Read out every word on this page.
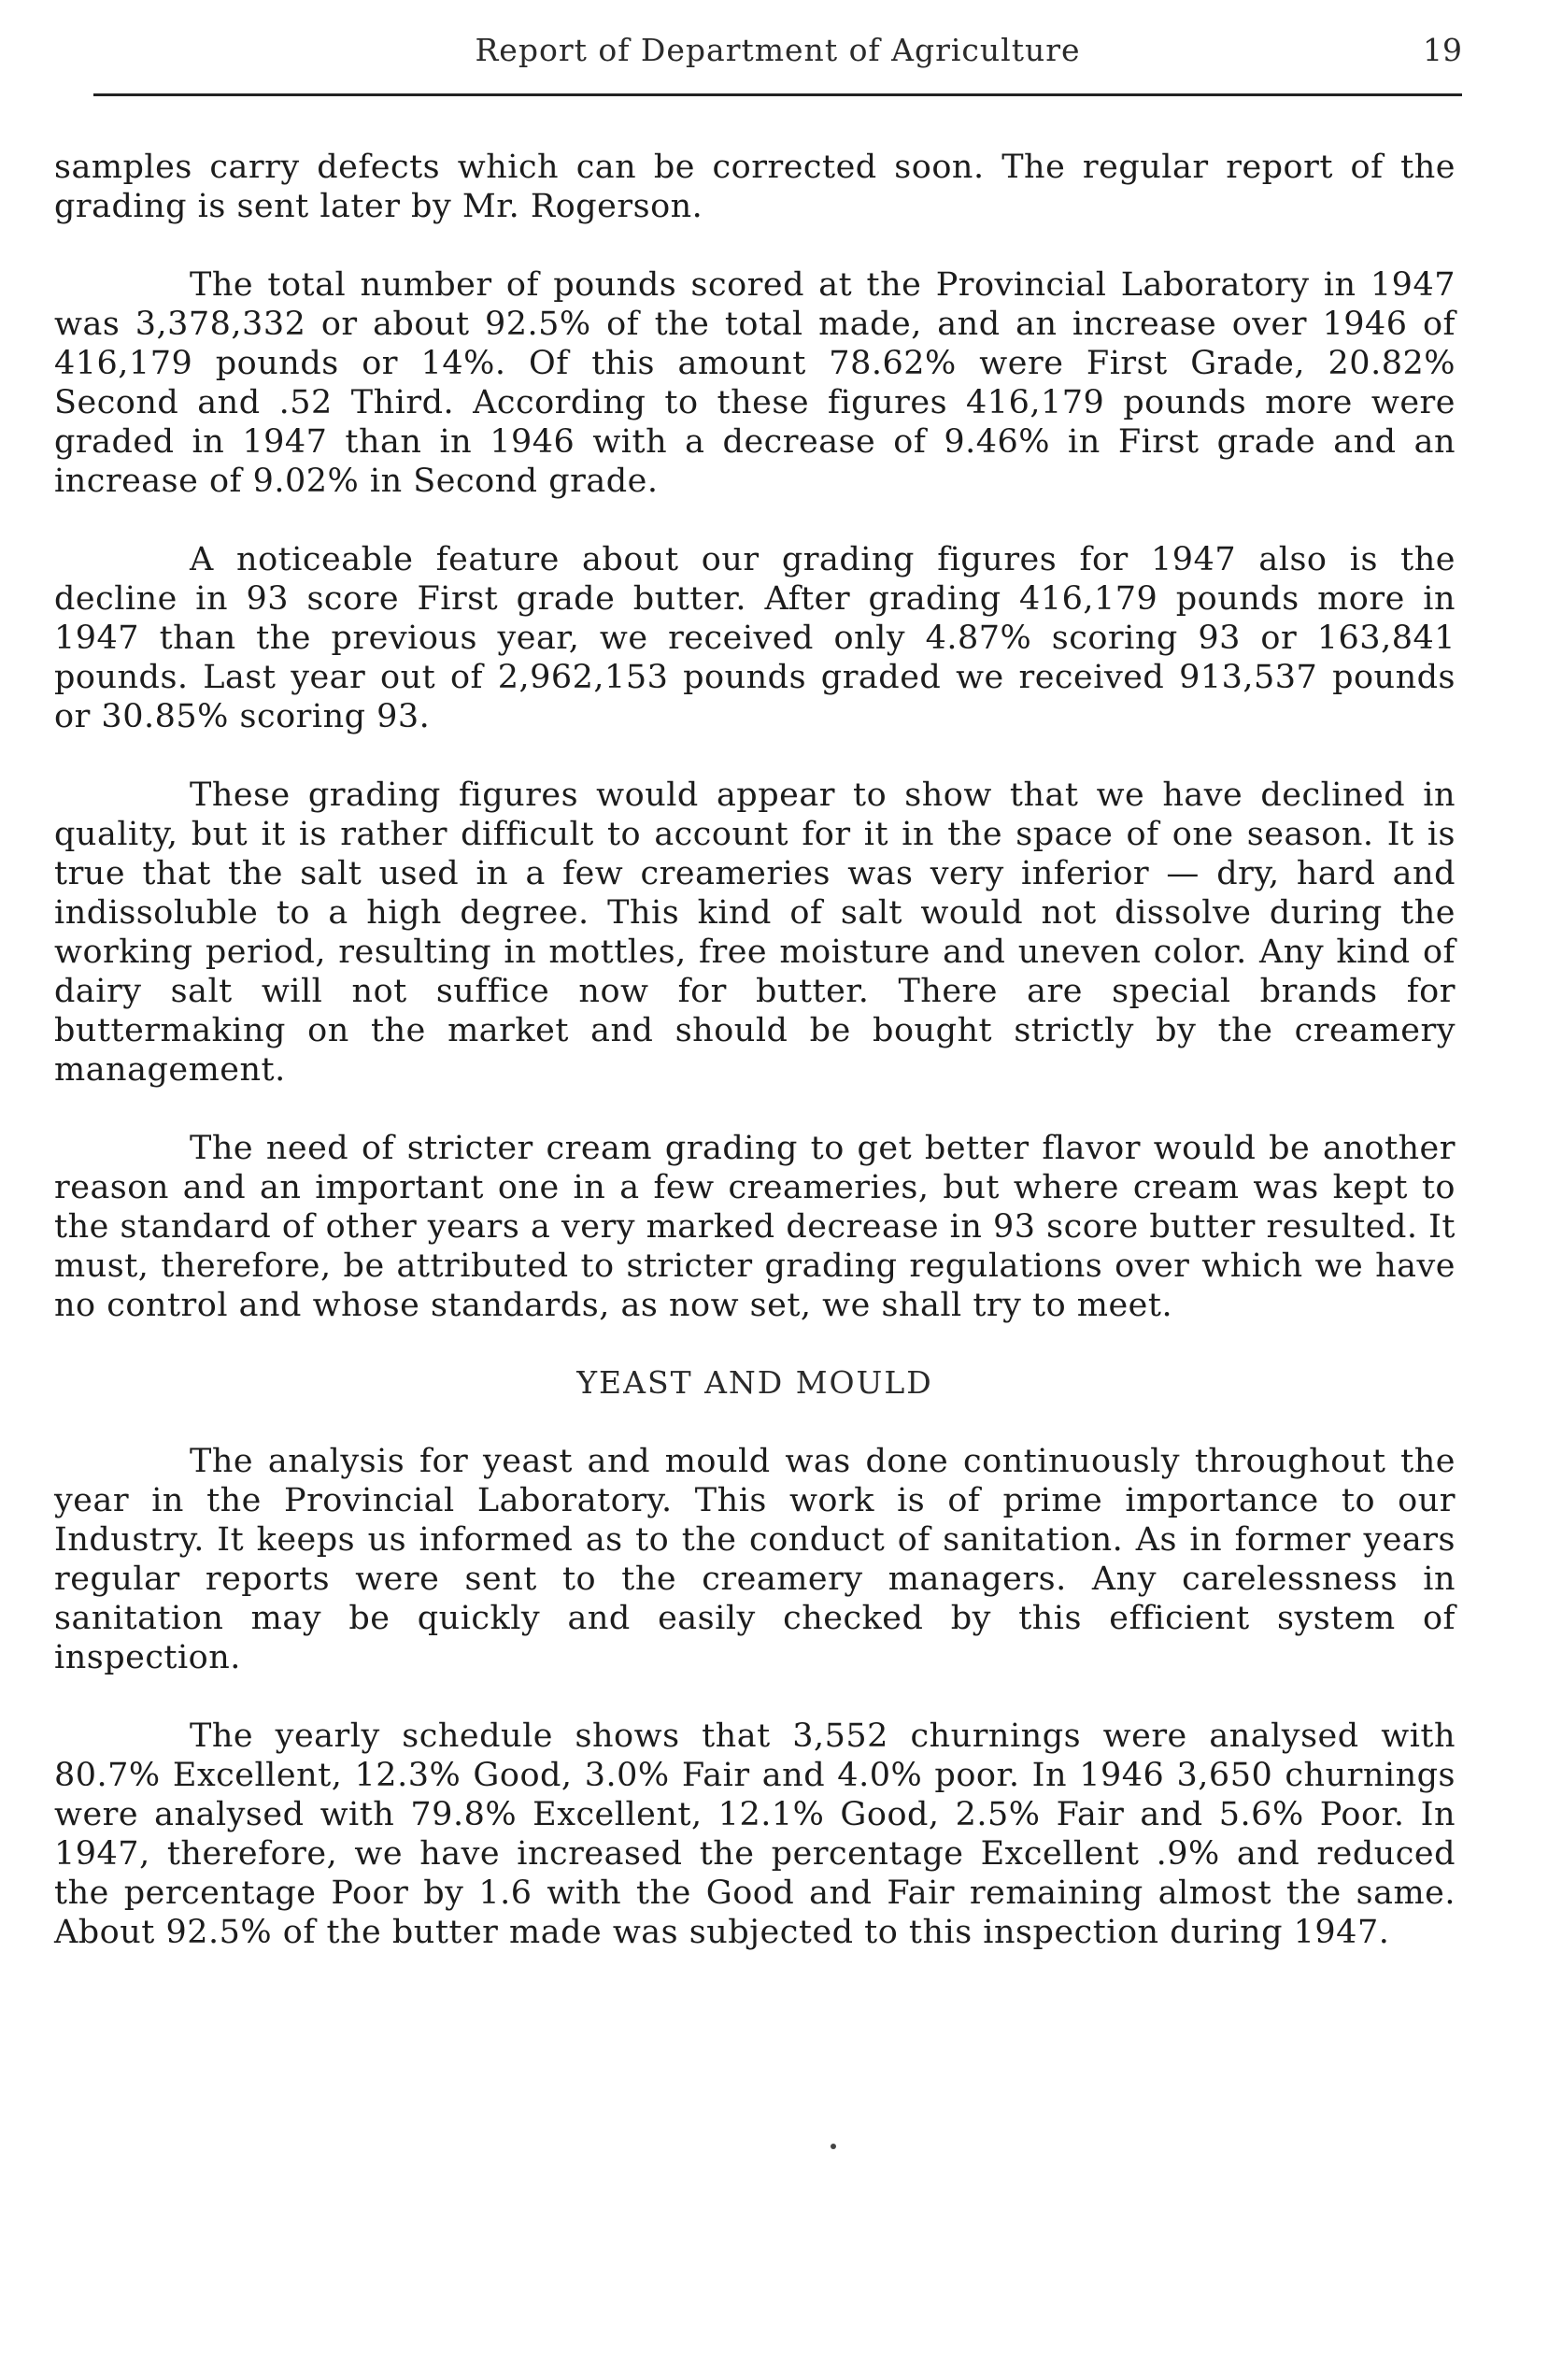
Report of Department of Agriculture	19

samples carry defects which can be corrected soon. The regular report of the grading is sent later by Mr. Rogerson.

The total number of pounds scored at the Provincial Laboratory in 1947 was 3,378,332 or about 92.5% of the total made, and an increase over 1946 of 416,179 pounds or 14%. Of this amount 78.62% were First Grade, 20.82% Second and .52 Third. According to these figures 416,179 pounds more were graded in 1947 than in 1946 with a decrease of 9.46% in First grade and an increase of 9.02% in Second grade.

A noticeable feature about our grading figures for 1947 also is the decline in 93 score First grade butter. After grading 416,179 pounds more in 1947 than the previous year, we received only 4.87% scoring 93 or 163,841 pounds. Last year out of 2,962,153 pounds graded we received 913,537 pounds or 30.85% scoring 93.

These grading figures would appear to show that we have declined in quality, but it is rather difficult to account for it in the space of one season. It is true that the salt used in a few creameries was very inferior — dry, hard and indissoluble to a high degree. This kind of salt would not dissolve during the working period, resulting in mottles, free moisture and uneven color. Any kind of dairy salt will not suffice now for butter. There are special brands for buttermaking on the market and should be bought strictly by the creamery management.

The need of stricter cream grading to get better flavor would be another reason and an important one in a few creameries, but where cream was kept to the standard of other years a very marked decrease in 93 score butter resulted. It must, therefore, be attributed to stricter grading regulations over which we have no control and whose standards, as now set, we shall try to meet.

YEAST AND MOULD

The analysis for yeast and mould was done continuously throughout the year in the Provincial Laboratory. This work is of prime importance to our Industry. It keeps us informed as to the conduct of sanitation. As in former years regular reports were sent to the creamery managers. Any carelessness in sanitation may be quickly and easily checked by this efficient system of inspection.

The yearly schedule shows that 3,552 churnings were analysed with 80.7% Excellent, 12.3% Good, 3.0% Fair and 4.0% poor. In 1946 3,650 churnings were analysed with 79.8% Excellent, 12.1% Good, 2.5% Fair and 5.6% Poor. In 1947, therefore, we have increased the percentage Excellent .9% and reduced the percentage Poor by 1.6 with the Good and Fair remaining almost the same. About 92.5% of the butter made was subjected to this inspection during 1947.
